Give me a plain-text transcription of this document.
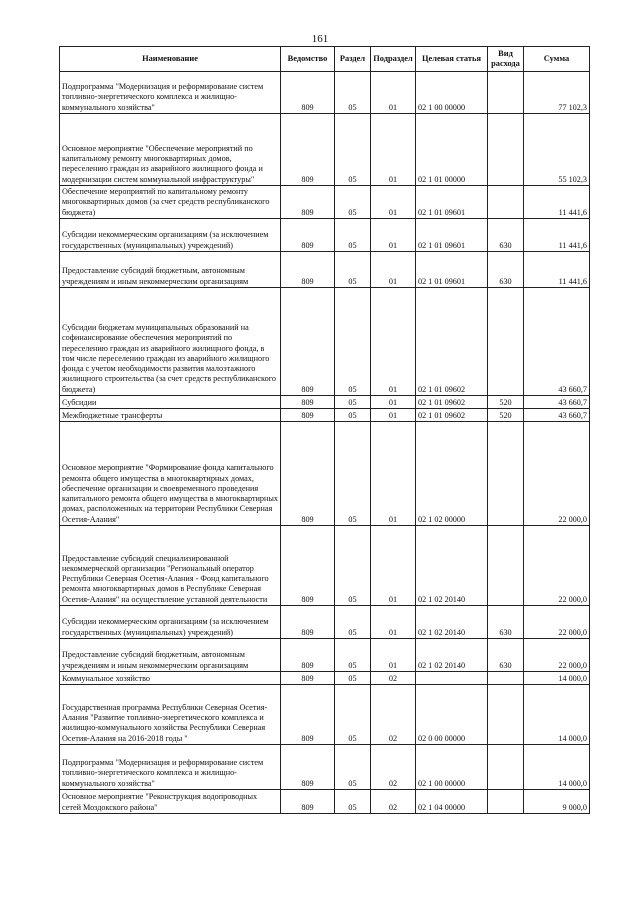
161
Наименование	Ведомство	Раздел	Подраздел	Целевая статья	Вид расхода	Сумма
Подпрограмма "Модернизация и реформирование систем топливно-энергетического комплекса и жилищно-коммунального хозяйства"	809	05	01	02 1 00 00000		77 102,3
Основное мероприятие "Обеспечение мероприятий по капитальному ремонту многоквартирных домов, переселению граждан из аварийного жилищного фонда и модернизации систем коммунальной инфраструктуры"	809	05	01	02 1 01 00000		55 102,3
Обеспечение мероприятий по капитальному ремонту многоквартирных домов (за счет средств республиканского бюджета)	809	05	01	02 1 01 09601		11 441,6
Субсидии некоммерческим организациям (за исключением государственных (муниципальных) учреждений)	809	05	01	02 1 01 09601	630	11 441,6
Предоставление субсидий бюджетным, автономным учреждениям и иным некоммерческим организациям	809	05	01	02 1 01 09601	630	11 441,6
Субсидии бюджетам муниципальных образований на софинансирование обеспечения мероприятий по переселению граждан из аварийного жилищного фонда, в том числе переселению граждан из аварийного жилищного фонда с учетом необходимости развития малоэтажного жилищного строительства (за счет средств республиканского бюджета)	809	05	01	02 1 01 09602		43 660,7
Субсидии	809	05	01	02 1 01 09602	520	43 660,7
Межбюджетные трансферты	809	05	01	02 1 01 09602	520	43 660,7
Основное мероприятие "Формирование фонда капитального ремонта общего имущества в многоквартирных домах, обеспечение организации и своевременного проведения капитального ремонта общего имущества в многоквартирных домах, расположенных на территории Республики Северная Осетия-Алания"	809	05	01	02 1 02 00000		22 000,0
Предоставление субсидий специализированной некоммерческой организации "Региональный оператор Республики Северная Осетия-Алания - Фонд капитального ремонта многоквартирных домов в Республике Северная Осетия-Алания" на осуществление уставной деятельности	809	05	01	02 1 02 20140		22 000,0
Субсидии некоммерческим организациям (за исключением государственных (муниципальных) учреждений)	809	05	01	02 1 02 20140	630	22 000,0
Предоставление субсидий бюджетным, автономным учреждениям и иным некоммерческим организациям	809	05	01	02 1 02 20140	630	22 000,0
Коммунальное хозяйство	809	05	02			14 000,0
Государственная программа Республики Северная Осетия-Алания "Развитие топливно-энергетического комплекса и жилищно-коммунального хозяйства Республики Северная Осетия-Алания на 2016-2018 годы "	809	05	02	02 0 00 00000		14 000,0
Подпрограмма "Модернизация и реформирование систем топливно-энергетического комплекса и жилищно-коммунального хозяйства"	809	05	02	02 1 00 00000		14 000,0
Основное мероприятие "Реконструкция водопроводных сетей Моздокского района"	809	05	02	02 1 04 00000		9 000,0
